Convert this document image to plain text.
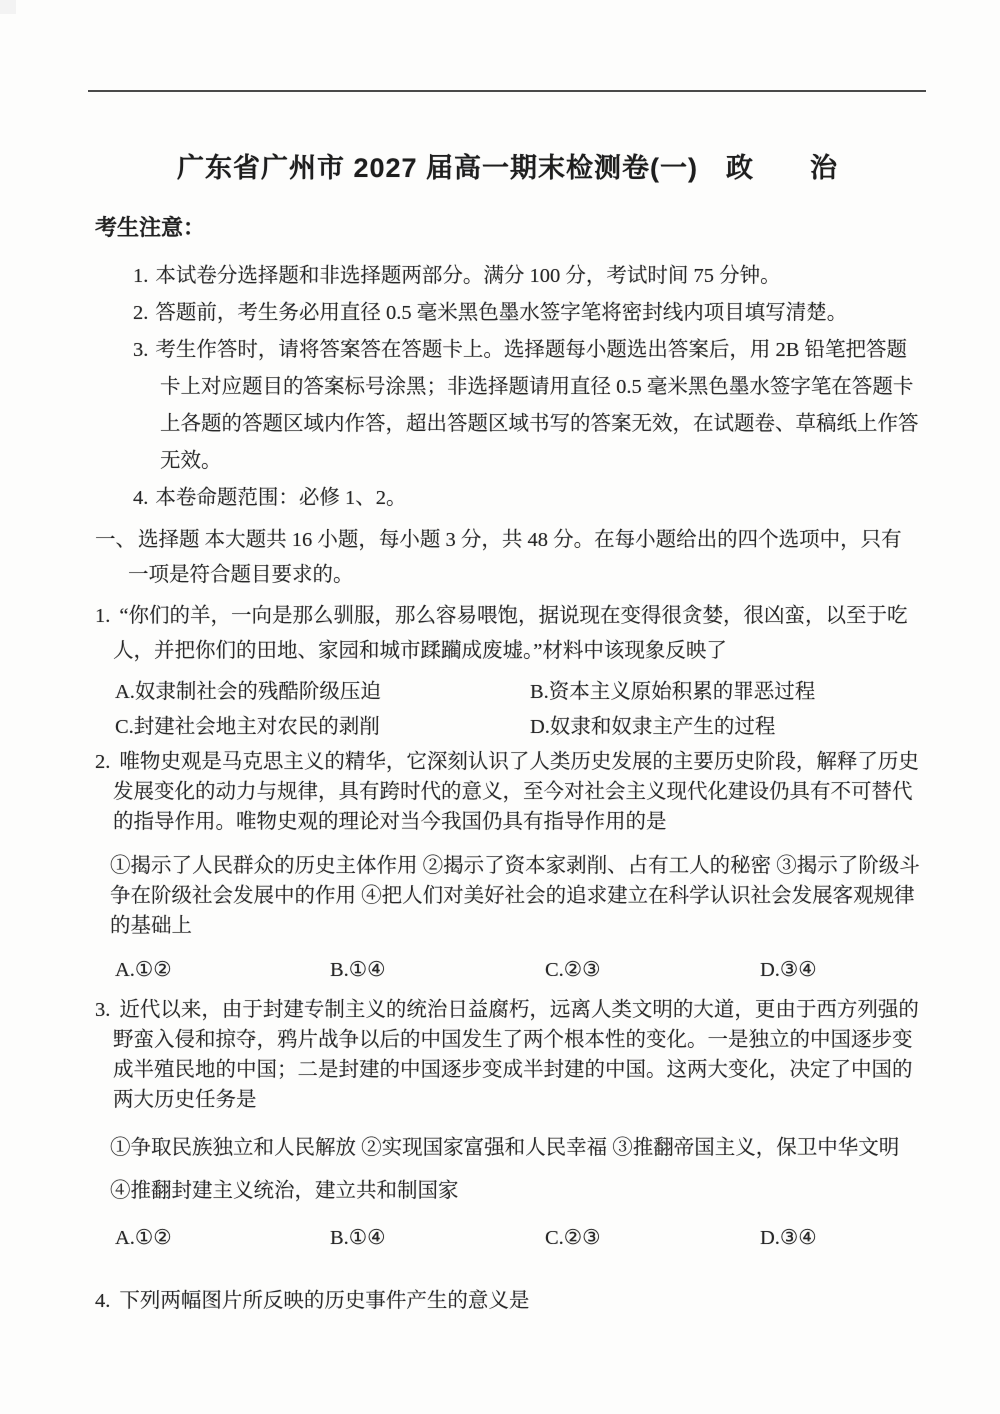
广东省广州市 2027 届高一期末检测卷(一)　政　　治
考生注意：

1. 本试卷分选择题和非选择题两部分。满分 100 分，考试时间 75 分钟。

2. 答题前，考生务必用直径 0.5 毫米黑色墨水签字笔将密封线内项目填写清楚。

3. 考生作答时，请将答案答在答题卡上。选择题每小题选出答案后，用 2B 铅笔把答题卡上对应题目的答案标号涂黑；非选择题请用直径 0.5 毫米黑色墨水签字笔在答题卡上各题的答题区域内作答，超出答题区域书写的答案无效，在试题卷、草稿纸上作答无效。

4. 本卷命题范围：必修 1、2。

一、选择题 本大题共 16 小题，每小题 3 分，共 48 分。在每小题给出的四个选项中，只有一项是符合题目要求的。

1. “你们的羊，一向是那么驯服，那么容易喂饱，据说现在变得很贪婪，很凶蛮，以至于吃人，并把你们的田地、家园和城市蹂躏成废墟。”材料中该现象反映了

A.奴隶制社会的残酷阶级压迫	B.资本主义原始积累的罪恶过程
C.封建社会地主对农民的剥削	D.奴隶和奴隶主产生的过程

2. 唯物史观是马克思主义的精华，它深刻认识了人类历史发展的主要历史阶段，解释了历史发展变化的动力与规律，具有跨时代的意义，至今对社会主义现代化建设仍具有不可替代的指导作用。唯物史观的理论对当今我国仍具有指导作用的是

①揭示了人民群众的历史主体作用 ②揭示了资本家剥削、占有工人的秘密 ③揭示了阶级斗争在阶级社会发展中的作用 ④把人们对美好社会的追求建立在科学认识社会发展客观规律的基础上

A.①②	B.①④	C.②③	D.③④

3. 近代以来，由于封建专制主义的统治日益腐朽，远离人类文明的大道，更由于西方列强的野蛮入侵和掠夺，鸦片战争以后的中国发生了两个根本性的变化。一是独立的中国逐步变成半殖民地的中国；二是封建的中国逐步变成半封建的中国。这两大变化，决定了中国的两大历史任务是

①争取民族独立和人民解放 ②实现国家富强和人民幸福 ③推翻帝国主义，保卫中华文明

④推翻封建主义统治，建立共和制国家

A.①②	B.①④	C.②③	D.③④

4. 下列两幅图片所反映的历史事件产生的意义是
